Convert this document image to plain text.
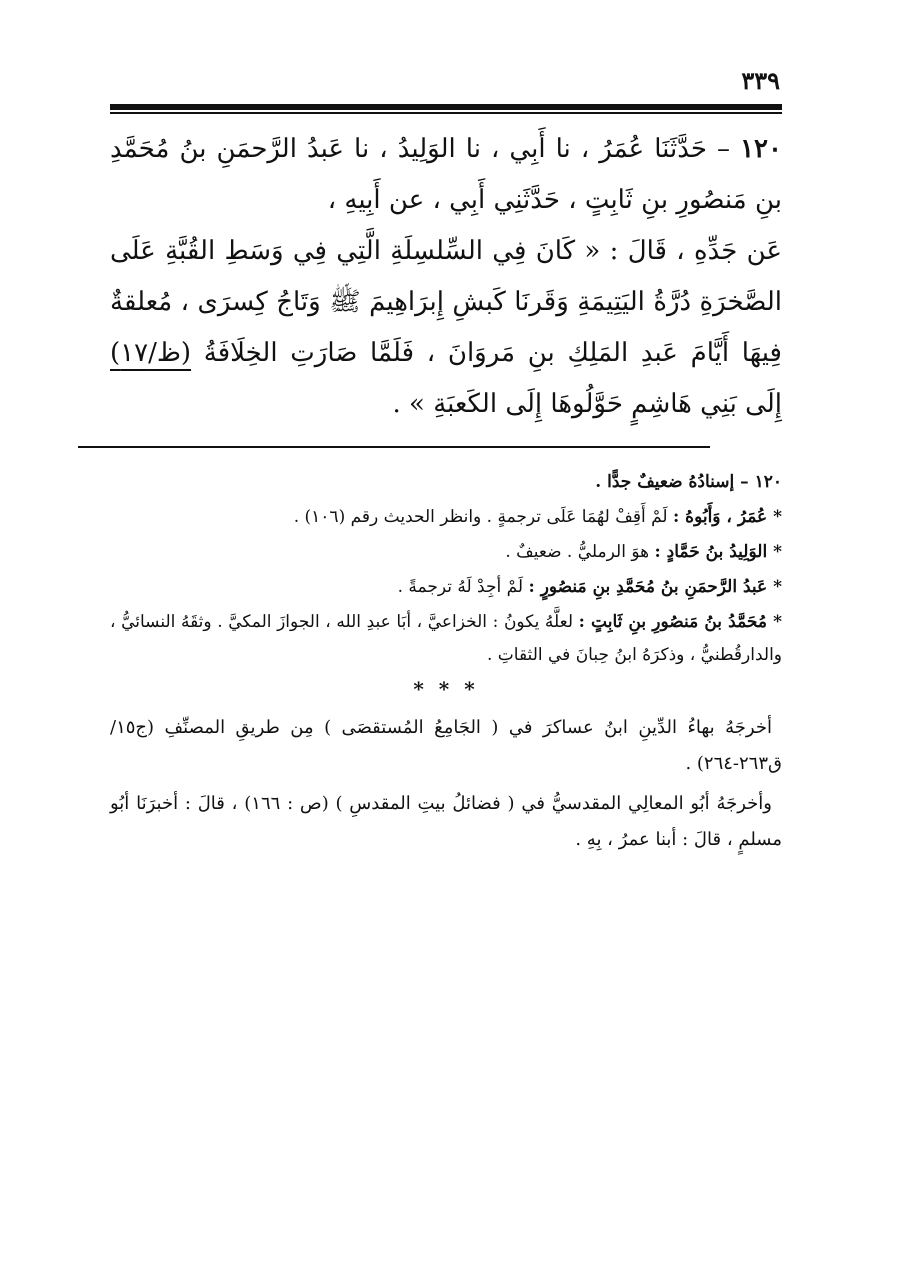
٣٣٩

١٢٠ – حَدَّثَنَا عُمَرُ ، نا أَبِي ، نا الوَلِيدُ ، نا عَبدُ الرَّحمَنِ بنُ مُحَمَّدِ بنِ مَنصُورِ بنِ ثَابِتٍ ، حَدَّثَنِي أَبِي ، عن أَبِيهِ ،

عَن جَدِّهِ ، قَالَ : « كَانَ فِي السِّلسِلَةِ الَّتِي فِي وَسَطِ القُبَّةِ عَلَى الصَّخرَةِ دُرَّةُ اليَتِيمَةِ وَقَرنَا كَبشِ إِبرَاهِيمَ ﷺ وَتَاجُ كِسرَى ، مُعلقةٌ فِيهَا أَيَّامَ عَبدِ المَلِكِ بنِ مَروَانَ ، فَلَمَّا صَارَتِ الخِلَافَةُ (ظ/١٧) إِلَى بَنِي هَاشِمٍ حَوَّلُوهَا إِلَى الكَعبَةِ » .

١٢٠ – إسنادُهُ ضعيفٌ جدًّا .

* عُمَرُ ، وَأَبُوهُ : لَمْ أَقِفْ لهُمَا عَلَى ترجمةٍ . وانظر الحديث رقم (١٠٦) .

* الوَلِيدُ بنُ حَمَّادٍ : هوَ الرمليُّ . ضعيفٌ .

* عَبدُ الرَّحمَنِ بنُ مُحَمَّدِ بنِ مَنصُورٍ : لَمْ أجِدْ لَهُ ترجمةً .

* مُحَمَّدُ بنُ مَنصُورِ بنِ ثَابِتٍ : لعلَّهُ يكونُ : الخزاعيَّ ، أبَا عبدِ الله ، الجوازَ المكيَّ . وثقَهُ النسائيُّ ، والدارقُطنيُّ ، وذكرَهُ ابنُ حِبانَ في الثقاتِ .

* * *

أخرجَهُ بهاءُ الدِّينِ ابنُ عساكرَ في ( الجَامِعُ المُستقصَى ) مِن طريقِ المصنِّفِ (ج١٥/ ق٢٦٣-٢٦٤) .

وأخرجَهُ أبُو المعالِي المقدسيُّ في ( فضائلُ بيتِ المقدسِ ) (ص : ١٦٦) ، قالَ : أخبرَنَا أبُو مسلمٍ ، قالَ : أبنا عمرُ ، بِهِ .
